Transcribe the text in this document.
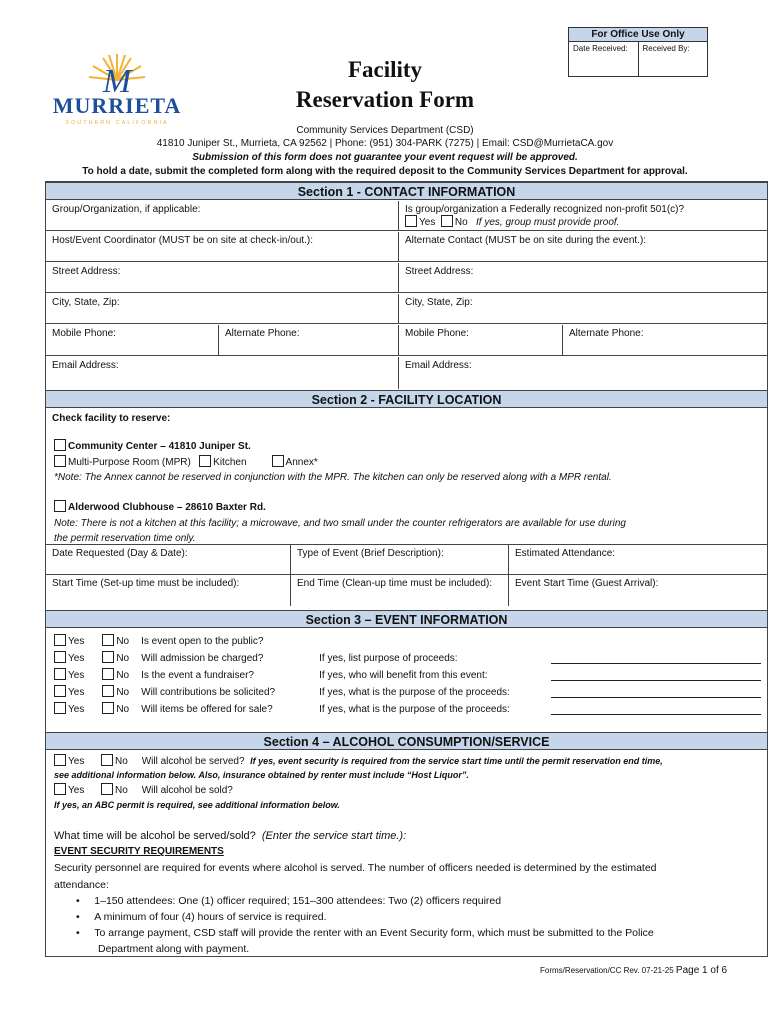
M
MURRIETA
SOUTHERN CALIFORNIA
For Office Use Only
Date Received:	Received By:
Facility
Reservation Form
Community Services Department (CSD)
41810 Juniper St., Murrieta, CA 92562 | Phone: (951) 304-PARK (7275) | Email: CSD@MurrietaCA.gov
Submission of this form does not guarantee your event request will be approved.
To hold a date, submit the completed form along with the required deposit to the Community Services Department for approval.
Section 1 - CONTACT INFORMATION
Group/Organization, if applicable:	Is group/organization a Federally recognized non-profit 501(c)?
Yes No If yes, group must provide proof.
Host/Event Coordinator (MUST be on site at check-in/out.):	Alternate Contact (MUST be on site during the event.):
Street Address:	Street Address:
City, State, Zip:	City, State, Zip:
Mobile Phone:	Alternate Phone:	Mobile Phone:	Alternate Phone:
Email Address:	Email Address:
Section 2 - FACILITY LOCATION
Check facility to reserve:
Community Center – 41810 Juniper St.
Multi-Purpose Room (MPR) Kitchen	Annex*
*Note: The Annex cannot be reserved in conjunction with the MPR. The kitchen can only be reserved along with a MPR rental.
Alderwood Clubhouse – 28610 Baxter Rd.
Note: There is not a kitchen at this facility; a microwave, and two small under the counter refrigerators are available for use during
the permit reservation time only.
Date Requested (Day & Date):	Type of Event (Brief Description):	Estimated Attendance:
Start Time (Set-up time must be included):	End Time (Clean-up time must be included):	Event Start Time (Guest Arrival):
Section 3 – EVENT INFORMATION
Yes	No Is event open to the public?
Yes	No Will admission be charged?	If yes, list purpose of proceeds:
Yes	No Is the event a fundraiser?	If yes, who will benefit from this event:
Yes	No Will contributions be solicited?	If yes, what is the purpose of the proceeds:
Yes	No Will items be offered for sale?	If yes, what is the purpose of the proceeds:
Section 4 – ALCOHOL CONSUMPTION/SERVICE
Yes	No Will alcohol be served? If yes, event security is required from the service start time until the permit reservation end time,
see additional information below. Also, insurance obtained by renter must include “Host Liquor”.
Yes	No Will alcohol be sold?
If yes, an ABC permit is required, see additional information below.
What time will be alcohol be served/sold? (Enter the service start time.):
EVENT SECURITY REQUIREMENTS
Security personnel are required for events where alcohol is served. The number of officers needed is determined by the estimated
attendance:
•     1–150 attendees: One (1) officer required; 151–300 attendees: Two (2) officers required
•     A minimum of four (4) hours of service is required.
•     To arrange payment, CSD staff will provide the renter with an Event Security form, which must be submitted to the Police
Department along with payment.
Forms/Reservation/CC Rev. 07-21-25 Page 1 of 6
